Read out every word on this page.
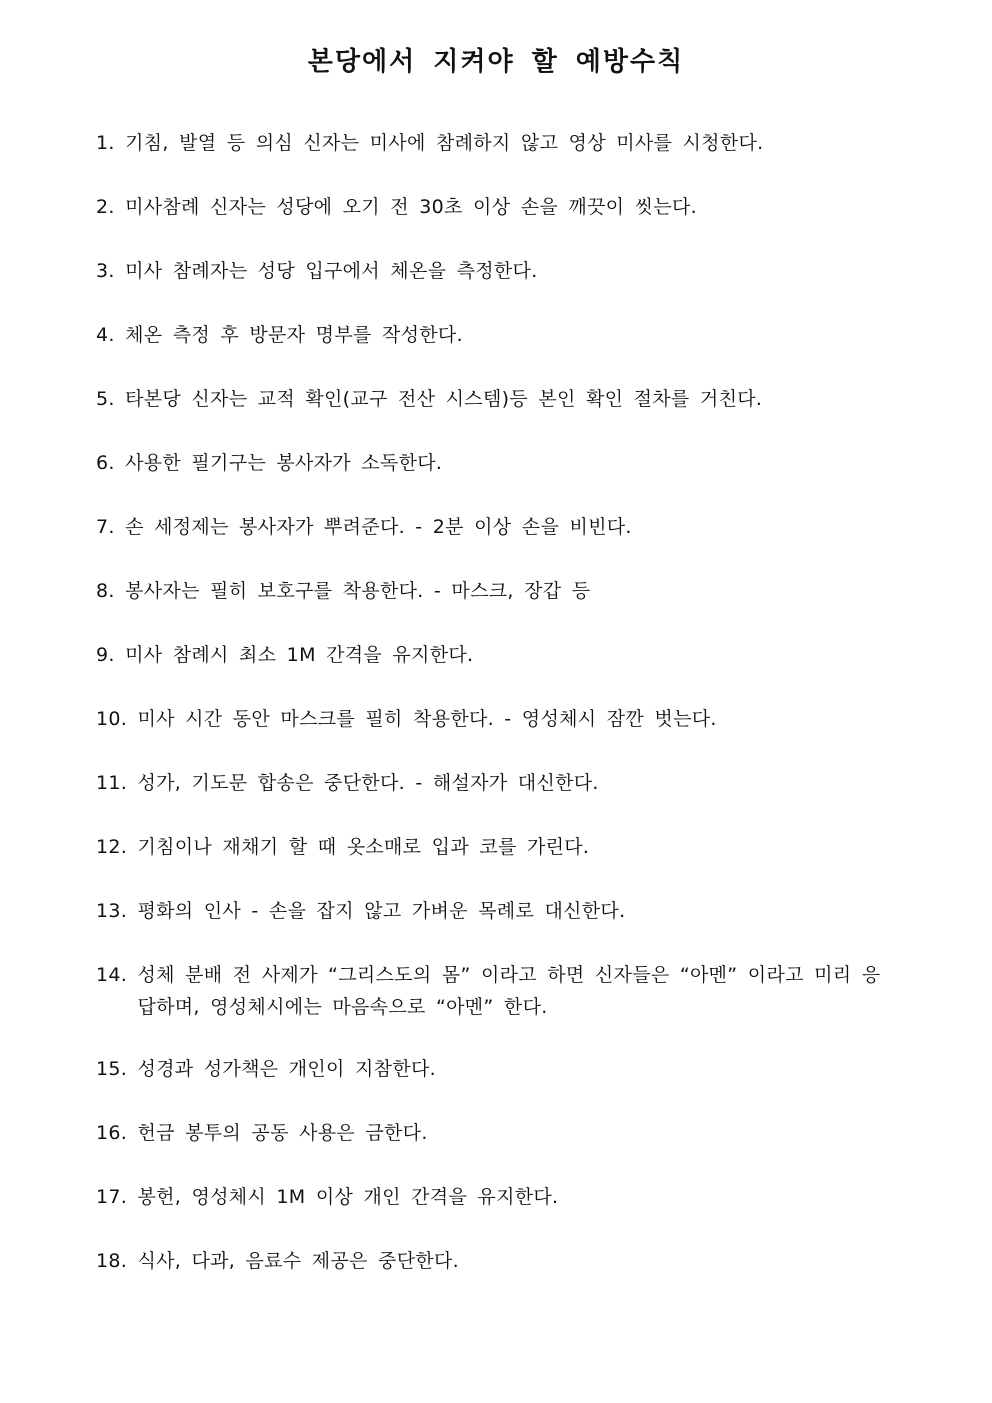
본당에서 지켜야 할 예방수칙
1. 기침, 발열 등 의심 신자는 미사에 참례하지 않고 영상 미사를 시청한다.
2. 미사참례 신자는 성당에 오기 전 30초 이상 손을 깨끗이 씻는다.
3. 미사 참례자는 성당 입구에서 체온을 측정한다.
4. 체온 측정 후 방문자 명부를 작성한다.
5. 타본당 신자는 교적 확인(교구 전산 시스템)등 본인 확인 절차를 거친다.
6. 사용한 필기구는 봉사자가 소독한다.
7. 손 세정제는 봉사자가 뿌려준다. - 2분 이상 손을 비빈다.
8. 봉사자는 필히 보호구를 착용한다. - 마스크, 장갑 등
9. 미사 참례시 최소 1M 간격을 유지한다.
10. 미사 시간 동안 마스크를 필히 착용한다. - 영성체시 잠깐 벗는다.
11. 성가, 기도문 합송은 중단한다. - 해설자가 대신한다.
12. 기침이나 재채기 할 때 옷소매로 입과 코를 가린다.
13. 평화의 인사 - 손을 잡지 않고 가벼운 목례로 대신한다.
14. 성체 분배 전 사제가 “그리스도의 몸” 이라고 하면 신자들은 “아멘” 이라고 미리 응답하며, 영성체시에는 마음속으로 “아멘” 한다.
15. 성경과 성가책은 개인이 지참한다.
16. 헌금 봉투의 공동 사용은 금한다.
17. 봉헌, 영성체시 1M 이상 개인 간격을 유지한다.
18. 식사, 다과, 음료수 제공은 중단한다.
